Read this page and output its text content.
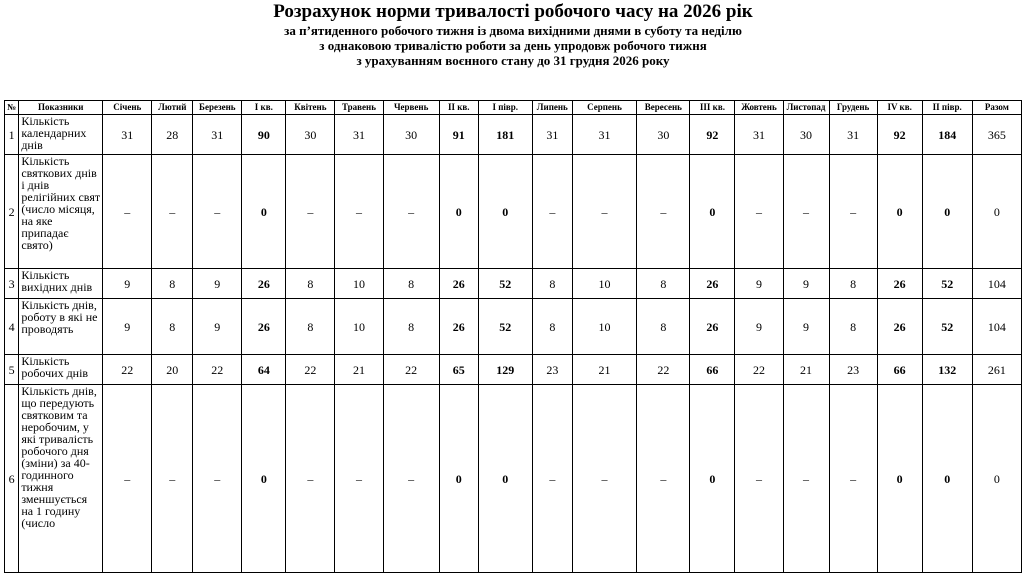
Розрахунок норми тривалості робочого часу на 2026 рік
за п’ятиденного робочого тижня із двома вихідними днями в суботу та неділю
з однаковою тривалістю роботи за день упродовж робочого тижня
з урахуванням воєнного стану до 31 грудня 2026 року
№	Показники	Січень	Лютий	Березень	I кв.	Квітень	Травень	Червень	II кв.	I півр.	Липень	Серпень	Вересень	III кв.	Жовтень	Листопад	Грудень	IV кв.	II півр.	Разом
1	Кількість календарних днів	31	28	31	90	30	31	30	91	181	31	31	30	92	31	30	31	92	184	365
2	Кількість святкових днів і днів релігійних свят (число місяця, на яке припадає свято)	–	–	–	0	–	–	–	0	0	–	–	–	0	–	–	–	0	0	0
3	Кількість вихідних днів	9	8	9	26	8	10	8	26	52	8	10	8	26	9	9	8	26	52	104
4	Кількість днів, роботу в які не проводять	9	8	9	26	8	10	8	26	52	8	10	8	26	9	9	8	26	52	104
5	Кількість робочих днів	22	20	22	64	22	21	22	65	129	23	21	22	66	22	21	23	66	132	261
6	Кількість днів, що передують святковим та неробочим, у які тривалість робочого дня (зміни) за 40-годинного тижня зменшується на 1 годину (число	–	–	–	0	–	–	–	0	0	–	–	–	0	–	–	–	0	0	0
